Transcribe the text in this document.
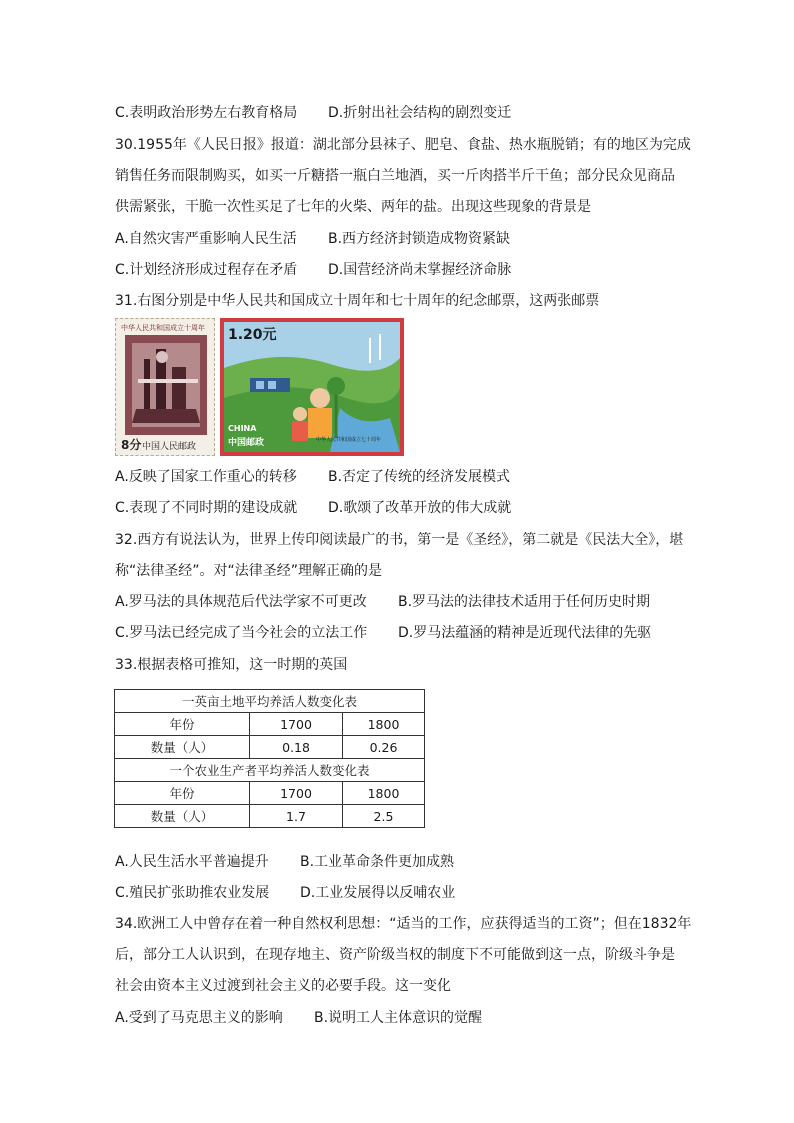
C.表明政治形势左右教育格局 D.折射出社会结构的剧烈变迁
30.1955年《人民日报》报道：湖北部分县袜子、肥皂、食盐、热水瓶脱销；有的地区为完成
销售任务而限制购买，如买一斤糖搭一瓶白兰地酒，买一斤肉搭半斤干鱼；部分民众见商品
供需紧张，干脆一次性买足了七年的火柴、两年的盐。出现这些现象的背景是
A.自然灾害严重影响人民生活 B.西方经济封锁造成物资紧缺
C.计划经济形成过程存在矛盾 D.国营经济尚未掌握经济命脉
31.右图分别是中华人民共和国成立十周年和七十周年的纪念邮票，这两张邮票
中华人民共和国成立十周年
8分 中国人民邮政
1.20元
CHINA
中国邮政	中华人民共和国成立七十周年
A.反映了国家工作重心的转移 B.否定了传统的经济发展模式
C.表现了不同时期的建设成就 D.歌颂了改革开放的伟大成就
32.西方有说法认为，世界上传印阅读最广的书，第一是《圣经》，第二就是《民法大全》，堪
称“法律圣经”。对“法律圣经”理解正确的是
A.罗马法的具体规范后代法学家不可更改 B.罗马法的法律技术适用于任何历史时期
C.罗马法已经完成了当今社会的立法工作 D.罗马法蕴涵的精神是近现代法律的先驱
33.根据表格可推知，这一时期的英国
一英亩土地平均养活人数变化表		
年份	1700	1800
数量（人）	0.18	0.26
一个农业生产者平均养活人数变化表		
年份	1700	1800
数量（人）	1.7	2.5
A.人民生活水平普遍提升 B.工业革命条件更加成熟
C.殖民扩张助推农业发展 D.工业发展得以反哺农业
34.欧洲工人中曾存在着一种自然权利思想：“适当的工作，应获得适当的工资”；但在1832年
后，部分工人认识到，在现存地主、资产阶级当权的制度下不可能做到这一点，阶级斗争是
社会由资本主义过渡到社会主义的必要手段。这一变化
A.受到了马克思主义的影响 B.说明工人主体意识的觉醒
